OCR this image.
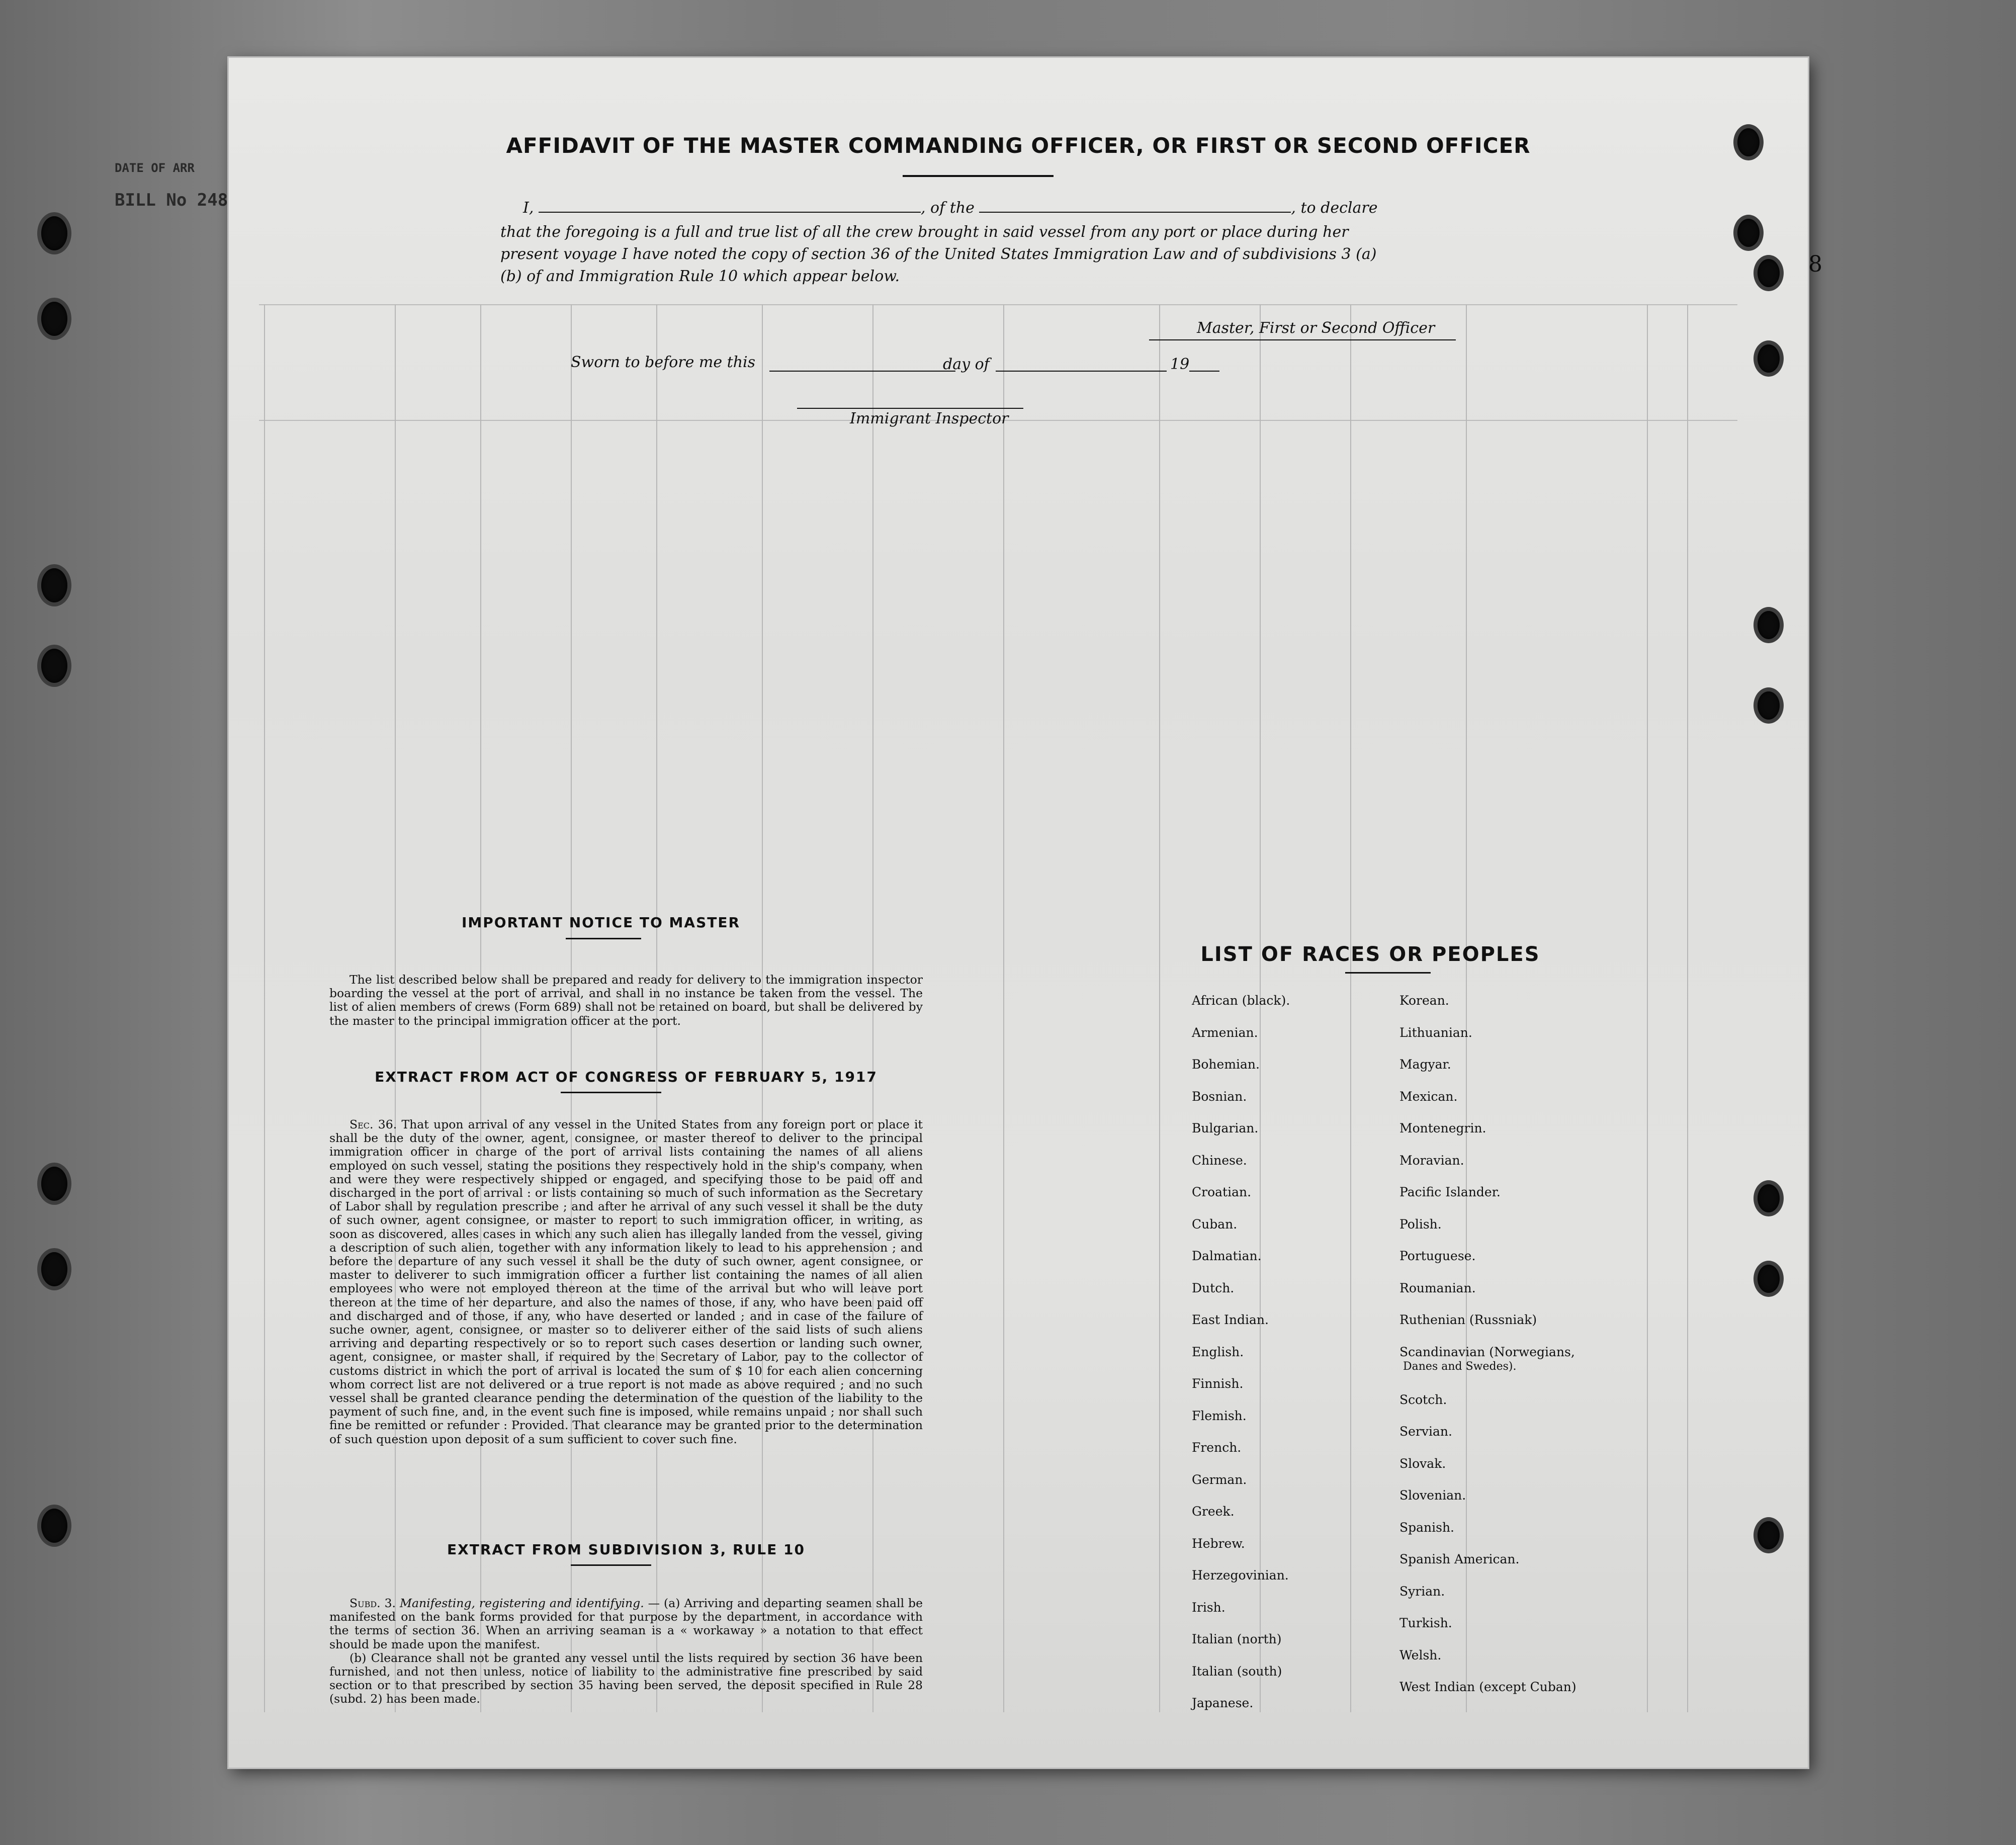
DATE OF ARR
BILL No 248
8
AFFIDAVIT OF THE MASTER COMMANDING OFFICER, OR FIRST OR SECOND OFFICER
I,	, of the	, to declare
that the foregoing is a full and true list of all the crew brought in said vessel from any port or place during her
present voyage I have noted the copy of section 36 of the United States Immigration Law and of subdivisions 3 (a)
(b) of and Immigration Rule 10 which appear below.
Master, First or Second Officer
Sworn to before me this	day of	19
Immigrant Inspector
IMPORTANT NOTICE TO MASTER
The list described below shall be prepared and ready for delivery to the immigration inspector boarding the vessel at the port of arrival, and shall in no instance be taken from the vessel. The list of alien members of crews (Form 689) shall not be retained on board, but shall be delivered by the master to the principal immigration officer at the port.
EXTRACT FROM ACT OF CONGRESS OF FEBRUARY 5, 1917

Sec. 36. That upon arrival of any vessel in the United States from any foreign port or place it shall be the duty of the owner, agent, consignee, or master thereof to deliver to the principal immigration officer in charge of the port of arrival lists containing the names of all aliens employed on such vessel, stating the positions they respectively hold in the ship's company, when and were they were respectively shipped or engaged, and specifying those to be paid off and discharged in the port of arrival : or lists containing so much of such information as the Secretary of Labor shall by regulation prescribe ; and after he arrival of any such vessel it shall be the duty of such owner, agent consignee, or master to report to such immigration officer, in writing, as soon as discovered, alles cases in which any such alien has illegally landed from the vessel, giving a description of such alien, together with any information likely to lead to his apprehension ; and before the departure of any such vessel it shall be the duty of such owner, agent consignee, or master to deliverer to such immigration officer a further list containing the names of all alien employees who were not employed thereon at the time of the arrival but who will leave port thereon at the time of her departure, and also the names of those, if any, who have been paid off and discharged and of those, if any, who have deserted or landed ; and in case of the failure of suche owner, agent, consignee, or master so to deliverer either of the said lists of such aliens arriving and departing respectively or so to report such cases desertion or landing such owner, agent, consignee, or master shall, if required by the Secretary of Labor, pay to the collector of customs district in which the port of arrival is located the sum of $ 10 for each alien concerning whom correct list are not delivered or a true report is not made as above required ; and no such vessel shall be granted clearance pending the determination of the question of the liability to the payment of such fine, and, in the event such fine is imposed, while remains unpaid ; nor shall such fine be remitted or refunder : Provided. That clearance may be granted prior to the determination of such question upon deposit of a sum sufficient to cover such fine.

EXTRACT FROM SUBDIVISION 3, RULE 10

Subd. 3. Manifesting, registering and identifying. — (a) Arriving and departing seamen shall be manifested on the bank forms provided for that purpose by the department, in accordance with the terms of section 36. When an arriving seaman is a « workaway » a notation to that effect should be made upon the manifest.

(b) Clearance shall not be granted any vessel until the lists required by section 36 have been furnished, and not then unless, notice of liability to the administrative fine prescribed by said section or to that prescribed by section 35 having been served, the deposit specified in Rule 28 (subd. 2) has been made.

LIST OF RACES OR PEOPLES
Danes and Swedes).
African (black).
Armenian.
Bohemian.
Bosnian.
Bulgarian.
Chinese.
Croatian.
Cuban.
Dalmatian.
Dutch.
East Indian.
English.
Finnish.
Flemish.
French.
German.
Greek.
Hebrew.
Herzegovinian.
Irish.
Italian (north)
Italian (south)
Japanese.
Korean.
Lithuanian.
Magyar.
Mexican.
Montenegrin.
Moravian.
Pacific Islander.
Polish.
Portuguese.
Roumanian.
Ruthenian (Russniak)
Scandinavian (Norwegians,
Scotch.
Servian.
Slovak.
Slovenian.
Spanish.
Spanish American.
Syrian.
Turkish.
Welsh.
West Indian (except Cuban)
